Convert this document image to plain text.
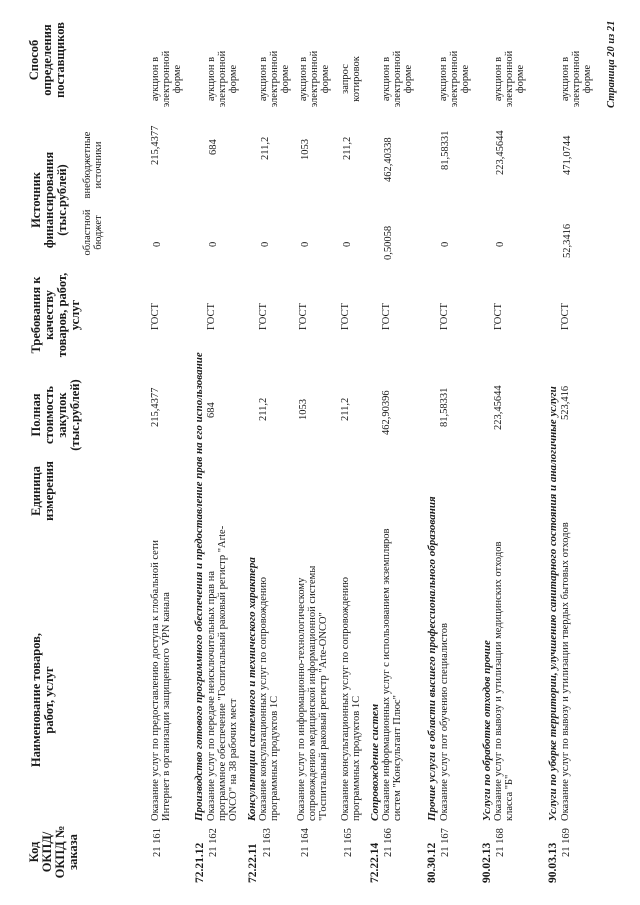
Код ОКПД/ ОКПД № заказа
Наименование товаров, работ, услуг
Единица измерения
Полная стоимость закупок (тыс.рублей)
Требования к качеству товаров, работ, услуг
Источник финансирования (тыс.рублей) областной бюджет
внебюджетные источники
Способ определения поставщиков
21 161
Оказание услуг по предоставлению доступа к глобальной сети Интернет в организации защищенного VPN канала
215,4377
ГОСТ
0
215,4377
аукцион в электронной форме
72.21.12
Производство готового программного обеспечения и предоставление прав на его использование
21 162
Оказание услуг по передаче неисключительных прав на программное обеспечение "Госпитальный раковый регистр "Arte-ONCO" на 38 рабочих мест
684
ГОСТ
0
684
аукцион в электронной форме
72.22.11
Консультации системного и технического характера
21 163
Оказание консультационных услуг по сопровождению программных продуктов 1С
211,2
ГОСТ
0
211,2
аукцион в электронной форме
21 164
Оказание услуг по информационно-технологическому сопровождению медицинской информационной системы "Госпитальный раковый регистр "Arte-ONCO"
1053
ГОСТ
0
1053
аукцион в электронной форме
21 165
Оказание консультационных услуг по сопровождению программных продуктов 1С
211,2
ГОСТ
0
211,2
запрос котировок
72.22.14
Сопровождение систем
21 166
Оказание информационных услуг с использованием экземпляров систем "Консультант Плюс"
462,90396
ГОСТ
0,50058
462,40338
аукцион в электронной форме
80.30.12
Прочие услуги в области высшего профессионального образования
21 167
Оказание услуг пот обучению специалистов
81,58331
ГОСТ
0
81,58331
аукцион в электронной форме
90.02.13
Услуги по обработке отходов прочие
21 168
Оказание услуг по вывозу и утилизации медицинских отходов класса "Б"
223,45644
ГОСТ
0
223,45644
аукцион в электронной форме
90.03.13
Услуги по уборке территории, улучшению санитарного состояния и аналогичные услуги
21 169
Оказание услуг по вывозу и утилизации твердых бытовых отходов
523,416
ГОСТ
52,3416
471,0744
аукцион в электронной форме Страница 20 из 21
